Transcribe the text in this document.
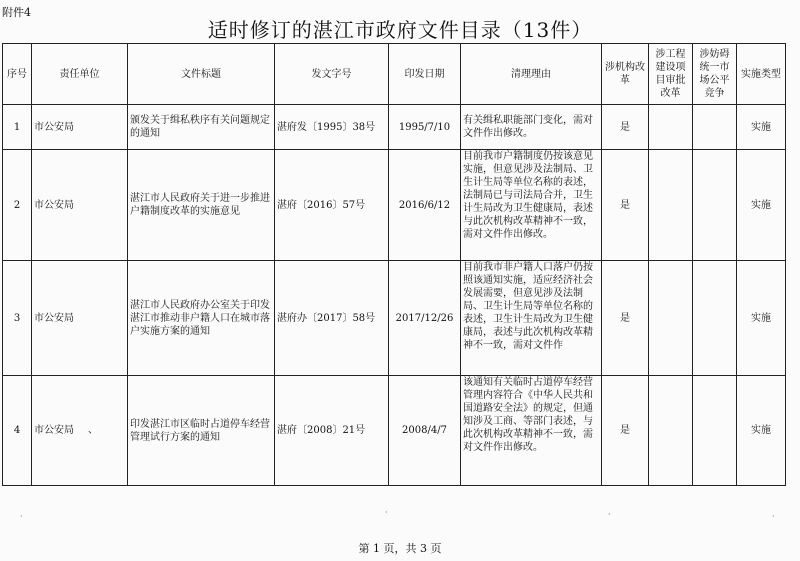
附件4
适时修订的湛江市政府文件目录（13件）
序号	责任单位	文件标题	发文字号	印发日期	清理理由	涉机构改革	涉工程建设项目审批改革	涉妨碍统一市场公平竞争	实施类型
1	市公安局	颁发关于缉私秩序有关问题规定的通知	湛府发〔1995〕38号	1995/7/10	有关缉私职能部门变化，需对文件作出修改。	是			实施
2	市公安局	湛江市人民政府关于进一步推进户籍制度改革的实施意见	湛府〔2016〕57号	2016/6/12	目前我市户籍制度仍按该意见实施，但意见涉及法制局、卫生计生局等单位名称的表述，法制局已与司法局合并，卫生计生局改为卫生健康局，表述与此次机构改革精神不一致，需对文件作出修改。	是			实施
3	市公安局	湛江市人民政府办公室关于印发湛江市推动非户籍人口在城市落户实施方案的通知	湛府办〔2017〕58号	2017/12/26	目前我市非户籍人口落户仍按照该通知实施，适应经济社会发展需要，但意见涉及法制局、卫生计生局等单位名称的表述，卫生计生局改为卫生健康局，表述与此次机构改革精神不一致，需对文件作	是			实施
4	市公安局 、	印发湛江市区临时占道停车经营管理试行方案的通知	湛府〔2008〕21号	2008/4/7	该通知有关临时占道停车经营管理内容符合《中华人民共和国道路安全法》的规定，但通知涉及工商、等部门表述，与此次机构改革精神不一致，需对文件作出修改。	是			实施
·	·	·	·
第 1 页，共 3 页
